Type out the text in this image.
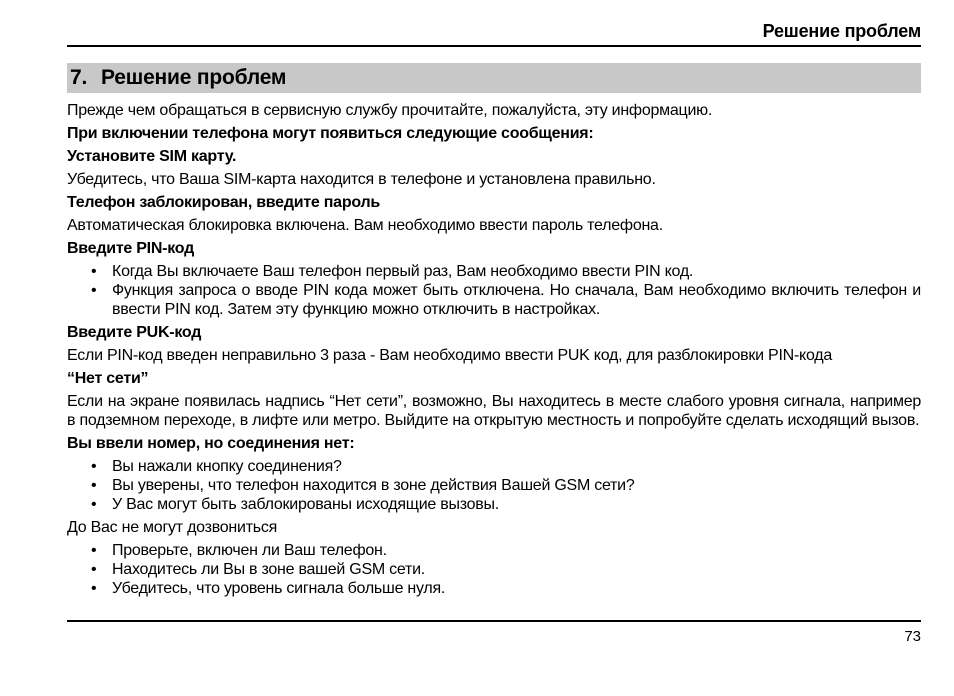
Решение проблем
7. Решение проблем

Прежде чем обращаться в сервисную службу прочитайте, пожалуйста, эту информацию.

При включении телефона могут появиться следующие сообщения:

Установите SIM карту.

Убедитесь, что Ваша SIM-карта находится в телефоне и установлена правильно.

Телефон заблокирован, введите пароль

Автоматическая блокировка включена. Вам необходимо ввести пароль телефона.

Введите PIN-код

• Когда Вы включаете Ваш телефон первый раз, Вам необходимо ввести PIN код.
• Функция запроса о вводе PIN кода может быть отключена. Но сначала, Вам необходимо включить телефон и ввести PIN код. Затем эту функцию можно отключить в настройках.

Введите PUK-код

Если PIN-код введен неправильно 3 раза - Вам необходимо ввести PUK код, для разблокировки PIN-кода

“Нет сети”

Если на экране появилась надпись “Нет сети”, возможно, Вы находитесь в месте слабого уровня сигнала, например в подземном переходе, в лифте или метро. Выйдите на открытую местность и попробуйте сделать исходящий вызов.

Вы ввели номер, но соединения нет:

• Вы нажали кнопку соединения?
• Вы уверены, что телефон находится в зоне действия Вашей GSM сети?
• У Вас могут быть заблокированы исходящие вызовы.

До Вас не могут дозвониться

• Проверьте, включен ли Ваш телефон.
• Находитесь ли Вы в зоне вашей GSM сети.
• Убедитесь, что уровень сигнала больше нуля.
73
